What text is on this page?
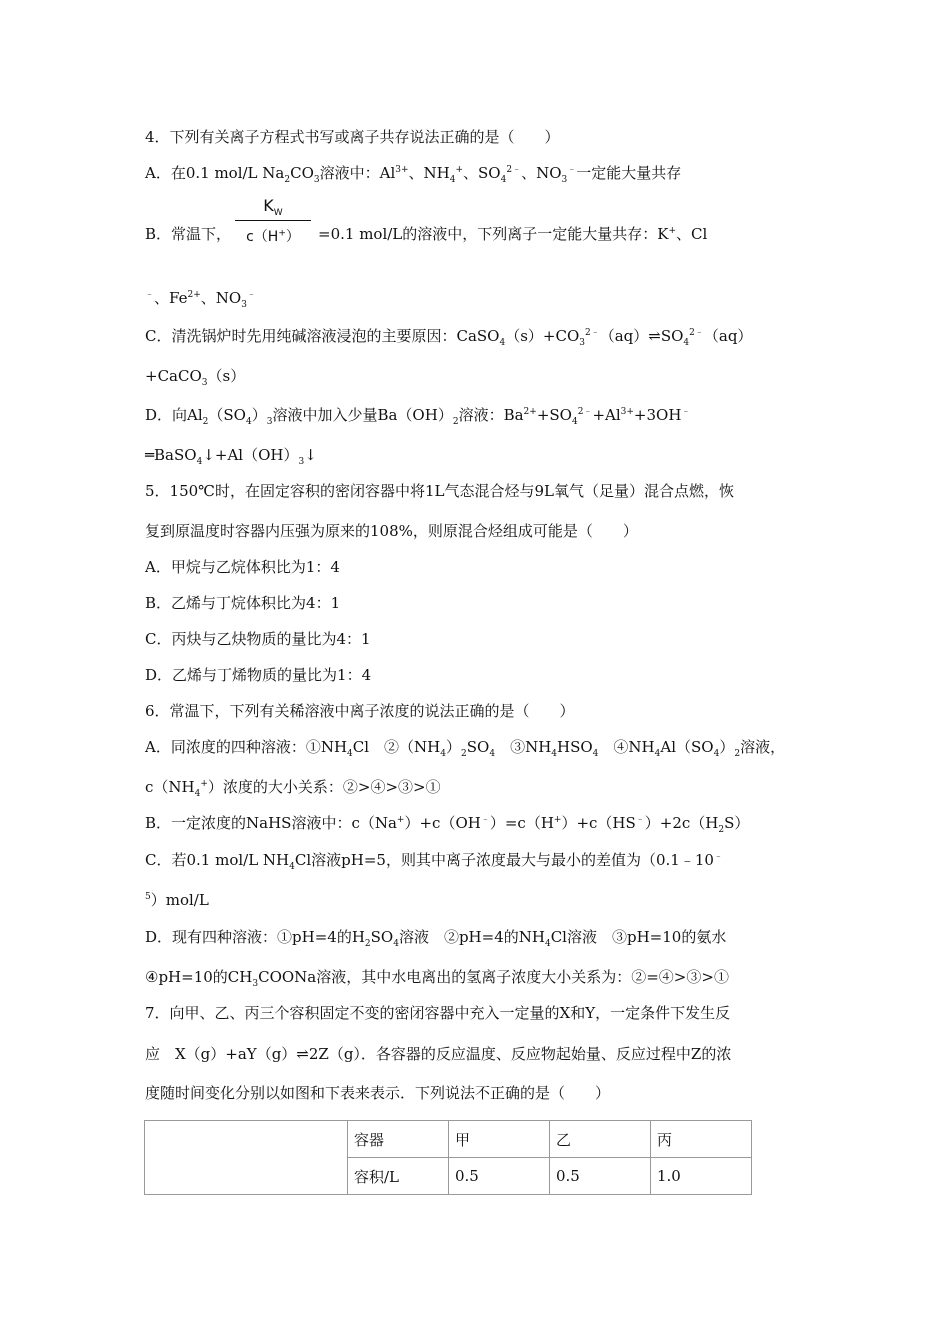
4．下列有关离子方程式书写或离子共存说法正确的是（　　）
A．在0.1 mol/L $Na_2CO_3$溶液中：$Al^{3+}$、$NH_4^+$、$SO_4^{2﹣}$、$NO_3^﹣$一定能大量共存
B．常温下，
$K_W$
c（H+）	=0.1 mol/L的溶液中，下列离子一定能大量共存：K+、Cl
﹣、$Fe^{2+}$、$NO_3^﹣$
C．清洗锅炉时先用纯碱溶液浸泡的主要原因：$CaSO_4(s)+CO_3^{2﹣}(aq)\rightleftharpoons SO_4^{2﹣}(aq)$
+CaCO$_3$（s）
D．向$Al_2(SO_4)_3$溶液中加入少量$Ba(OH)_2$溶液：$Ba^{2+}+SO_4^{2﹣}+Al^{3+}+3OH^﹣$
$═BaSO_4↓+Al(OH)_3↓$
5．150℃时，在固定容积的密闭容器中将1L气态混合烃与9L氧气（足量）混合点燃，恢
复到原温度时容器内压强为原来的108%，则原混合烃组成可能是（　　）
A．甲烷与乙烷体积比为1：4
B．乙烯与丁烷体积比为4：1
C．丙炔与乙炔物质的量比为4：1
D．乙烯与丁烯物质的量比为1：4
6．常温下，下列有关稀溶液中离子浓度的说法正确的是（　　）
A．同浓度的四种溶液：$①NH_4Cl$　$②(NH_4)_2SO_4$　$③NH_4HSO_4$　$④NH_4Al(SO_4)_2$溶液，
$c(NH_4^+)$浓度的大小关系：②>④>③>①
B．一定浓度的NaHS溶液中：$c(Na^+)+c(OH^﹣)=c(H^+)+c(HS^﹣)+2c(H_2S)$
C．若0.1 mol/L $NH_4Cl$溶液pH=5，则其中离子浓度最大与最小的差值为（0.1﹣10﹣
$^5$）mol/L
D．现有四种溶液：①pH=4的$H_2SO_4$溶液　②pH=4的$NH_4Cl$溶液　③pH=10的氨水
④pH=10的$CH_3COONa$溶液，其中水电离出的氢离子浓度大小关系为：②=④>③>①
7．向甲、乙、丙三个容积固定不变的密闭容器中充入一定量的X和Y，一定条件下发生反
应　X（g）+aY（g）⇌2Z（g）．各容器的反应温度、反应物起始量、反应过程中Z的浓
度随时间变化分别以如图和下表来表示．下列说法不正确的是（　　）
	容器	甲	乙	丙
	容积/L	0.5	0.5	1.0
